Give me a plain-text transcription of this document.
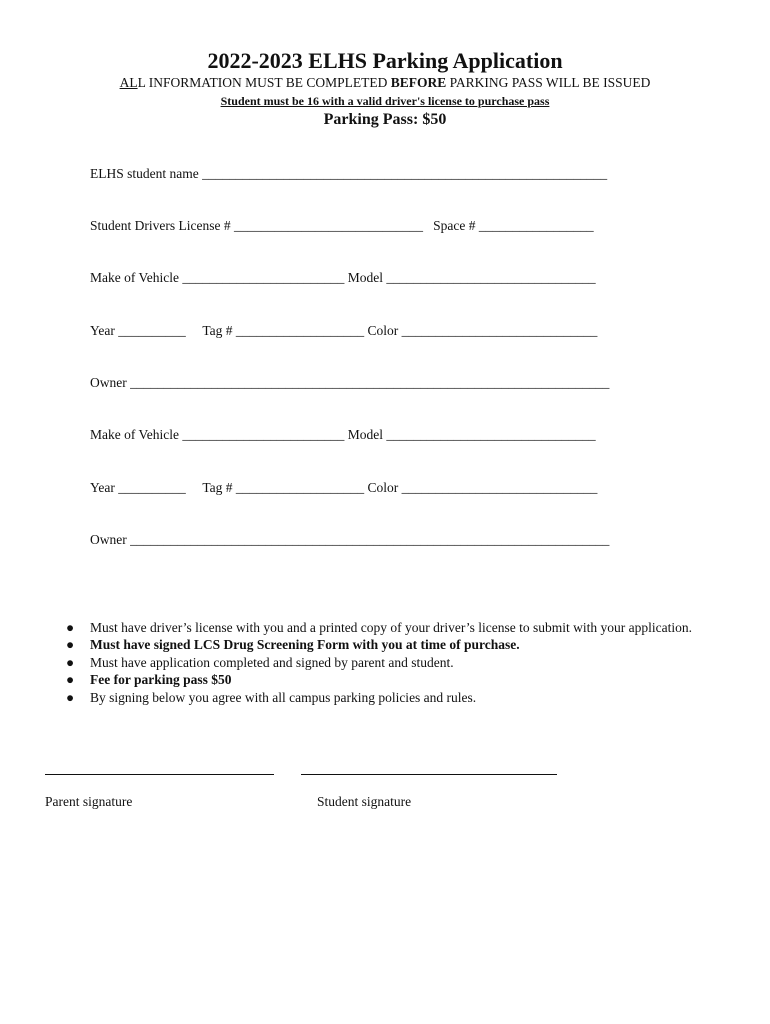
2022-2023 ELHS Parking Application
ALL INFORMATION MUST BE COMPLETED BEFORE PARKING PASS WILL BE ISSUED
Student must be 16 with a valid driver's license to purchase pass
Parking Pass: $50
ELHS student name ____________________________________________________________
Student Drivers License # ____________________________   Space # _________________
Make of Vehicle ________________________ Model _______________________________
Year __________     Tag # ___________________ Color _____________________________
Owner _______________________________________________________________________
Make of Vehicle ________________________ Model _______________________________
Year __________     Tag # ___________________ Color _____________________________
Owner _______________________________________________________________________
● Must have driver’s license with you and a printed copy of your driver’s license to submit with your application.
● Must have signed LCS Drug Screening Form with you at time of purchase.
● Must have application completed and signed by parent and student.
● Fee for parking pass $50
● By signing below you agree with all campus parking policies and rules.
Parent signature	Student signature
